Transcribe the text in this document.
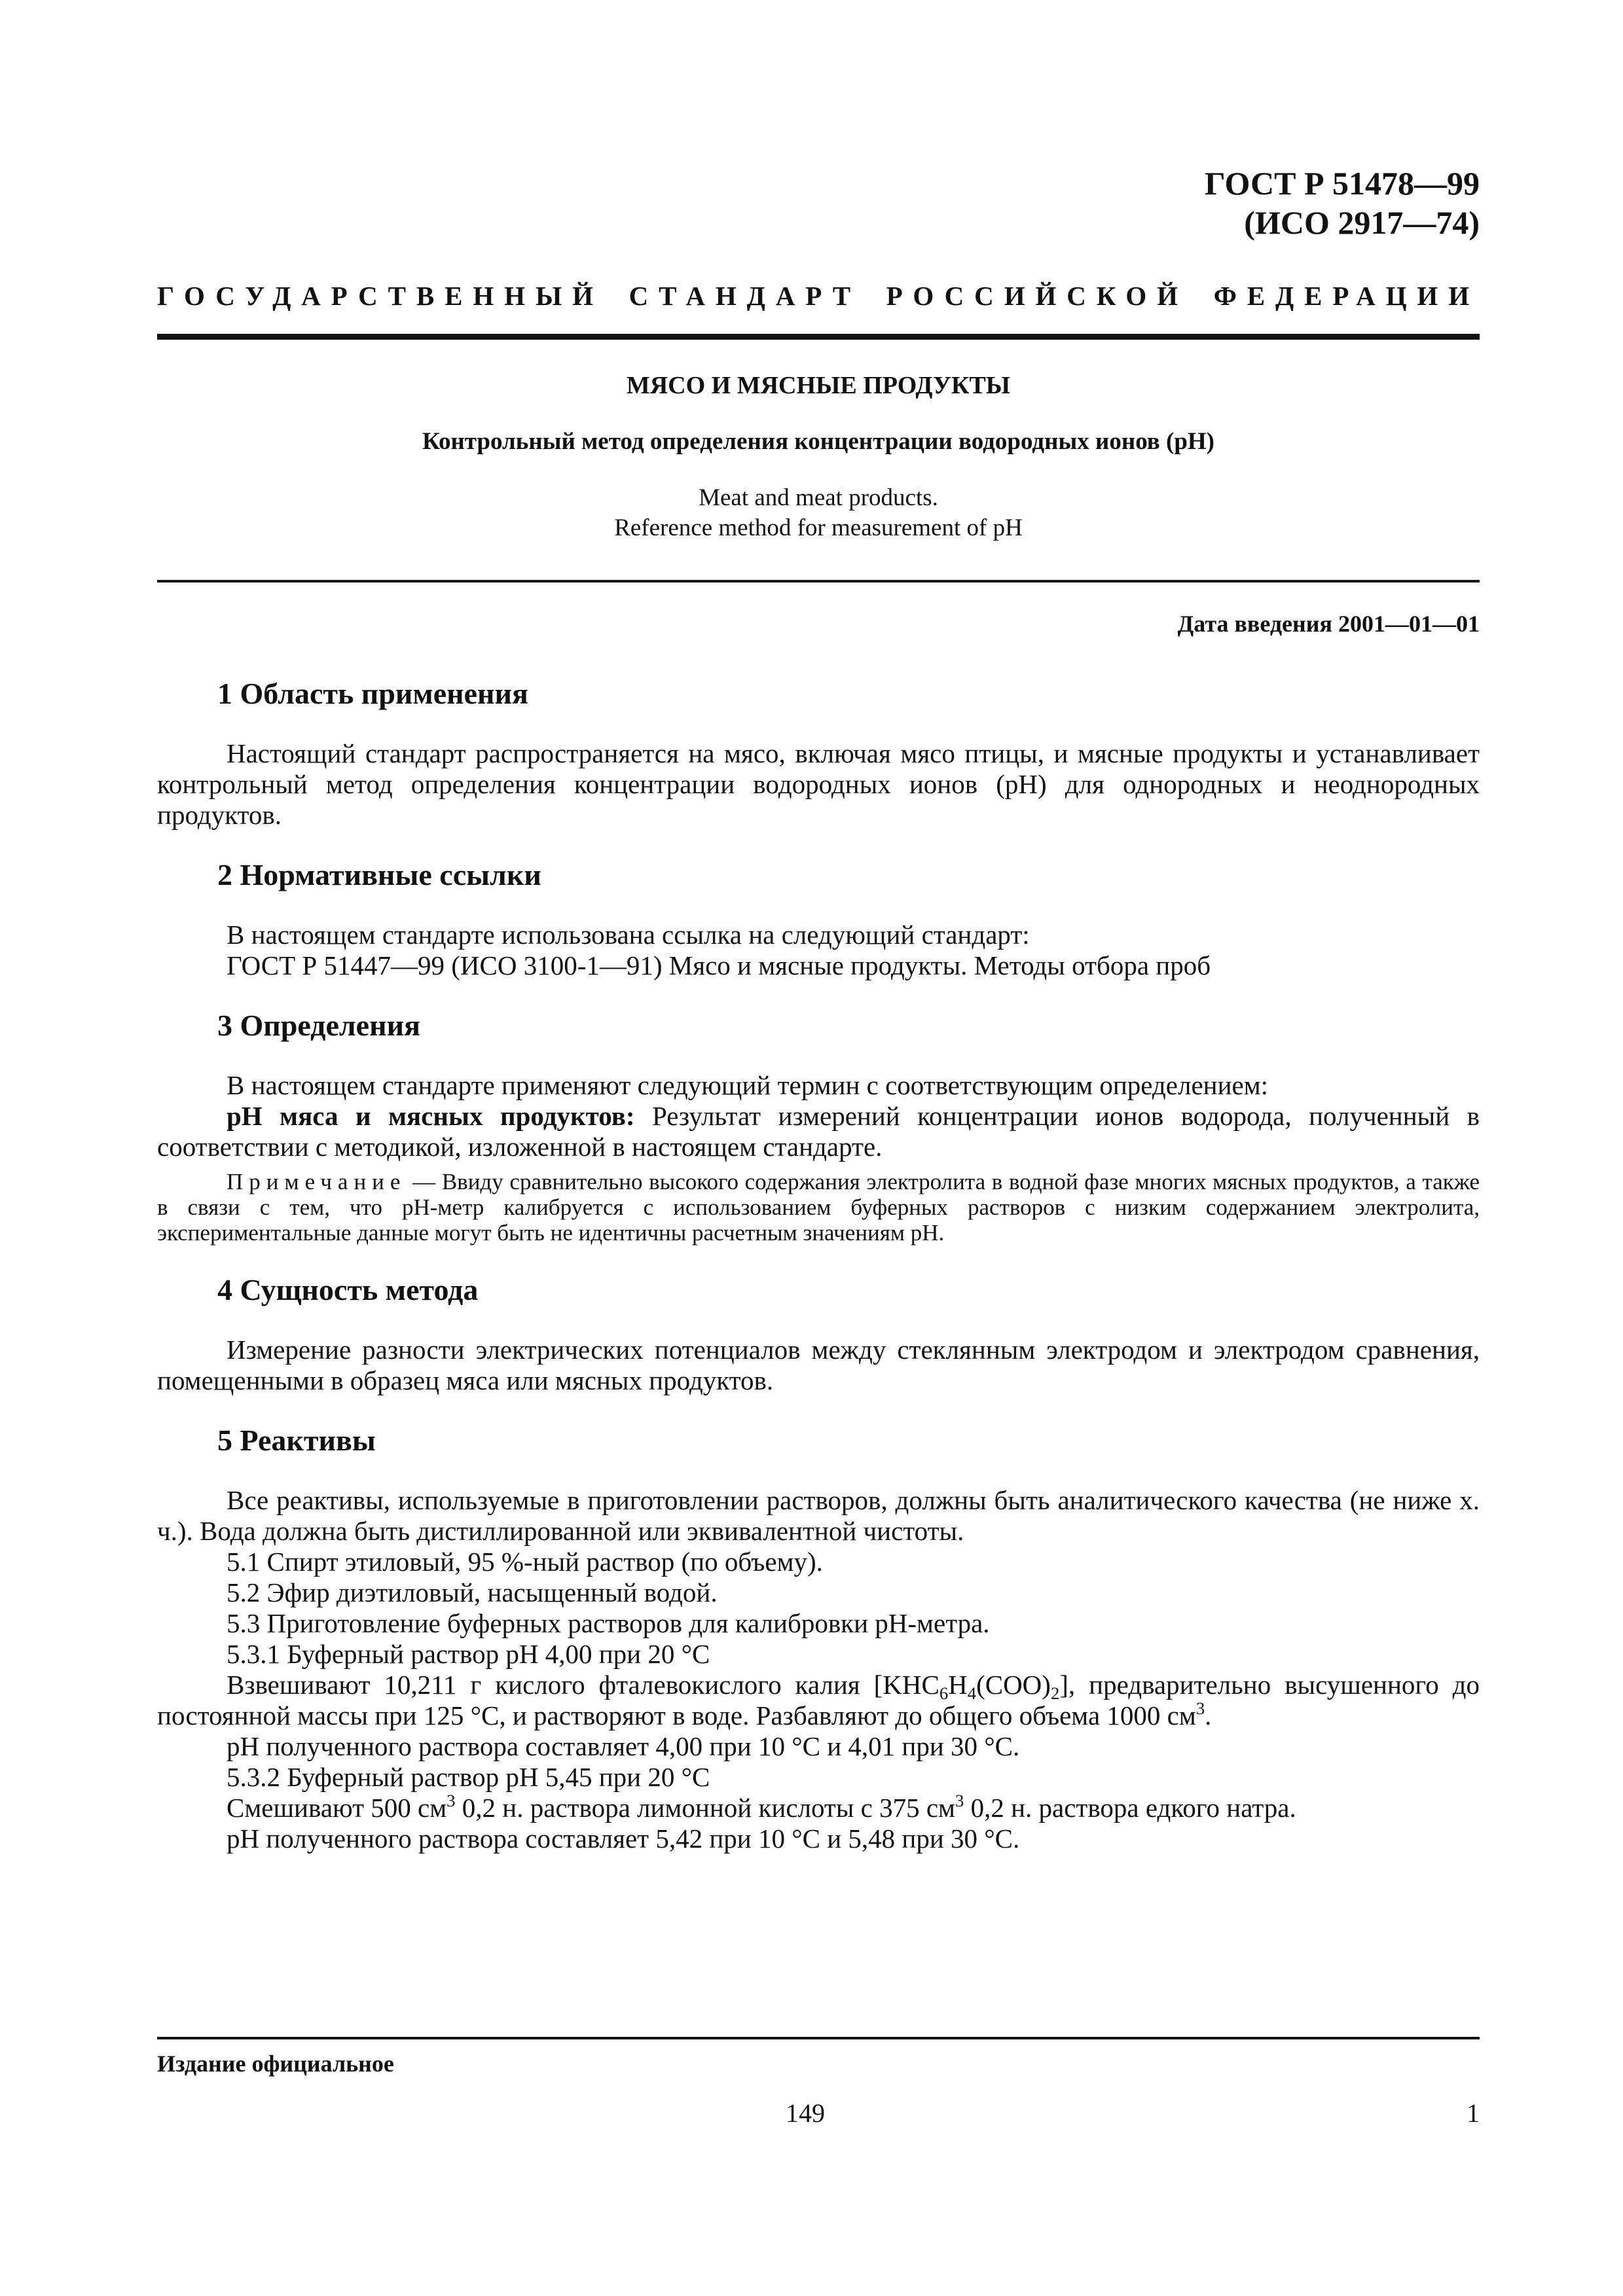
ГОСТ Р 51478—99
(ИСО 2917—74)
ГОСУДАРСТВЕННЫЙ СТАНДАРТ РОССИЙСКОЙ ФЕДЕРАЦИИ
МЯСО И МЯСНЫЕ ПРОДУКТЫ
Контрольный метод определения концентрации водородных ионов (pH)
Meat and meat products.
Reference method for measurement of pH
Дата введения 2001—01—01
1 Область применения

Настоящий стандарт распространяется на мясо, включая мясо птицы, и мясные продукты и устанавливает контрольный метод определения концентрации водородных ионов (pH) для однородных и неоднородных продуктов.

2 Нормативные ссылки

В настоящем стандарте использована ссылка на следующий стандарт:

ГОСТ Р 51447—99 (ИСО 3100-1—91) Мясо и мясные продукты. Методы отбора проб

3 Определения

В настоящем стандарте применяют следующий термин с соответствующим определением:

pH мяса и мясных продуктов: Результат измерений концентрации ионов водорода, полученный в соответствии с методикой, изложенной в настоящем стандарте.

Примечание — Ввиду сравнительно высокого содержания электролита в водной фазе многих мясных продуктов, а также в связи с тем, что pH-метр калибруется с использованием буферных растворов с низким содержанием электролита, экспериментальные данные могут быть не идентичны расчетным значениям pH.

4 Сущность метода

Измерение разности электрических потенциалов между стеклянным электродом и электродом сравнения, помещенными в образец мяса или мясных продуктов.

5 Реактивы

Все реактивы, используемые в приготовлении растворов, должны быть аналитического качества (не ниже х. ч.). Вода должна быть дистиллированной или эквивалентной чистоты.

5.1 Спирт этиловый, 95 %-ный раствор (по объему).

5.2 Эфир диэтиловый, насыщенный водой.

5.3 Приготовление буферных растворов для калибровки pH-метра.

5.3.1 Буферный раствор pH 4,00 при 20 °С

Взвешивают 10,211 г кислого фталевокислого калия $[KHC_6H_4(COO)_2]$, предварительно высушенного до постоянной массы при 125 °С, и растворяют в воде. Разбавляют до общего объема 1000 $см^3$.

pH полученного раствора составляет 4,00 при 10 °С и 4,01 при 30 °С.

5.3.2 Буферный раствор pH 5,45 при 20 °С

Смешивают 500 $см^3$ 0,2 н. раствора лимонной кислоты с 375 $см^3$ 0,2 н. раствора едкого натра.

pH полученного раствора составляет 5,42 при 10 °С и 5,48 при 30 °С.

Издание официальное
149	1
